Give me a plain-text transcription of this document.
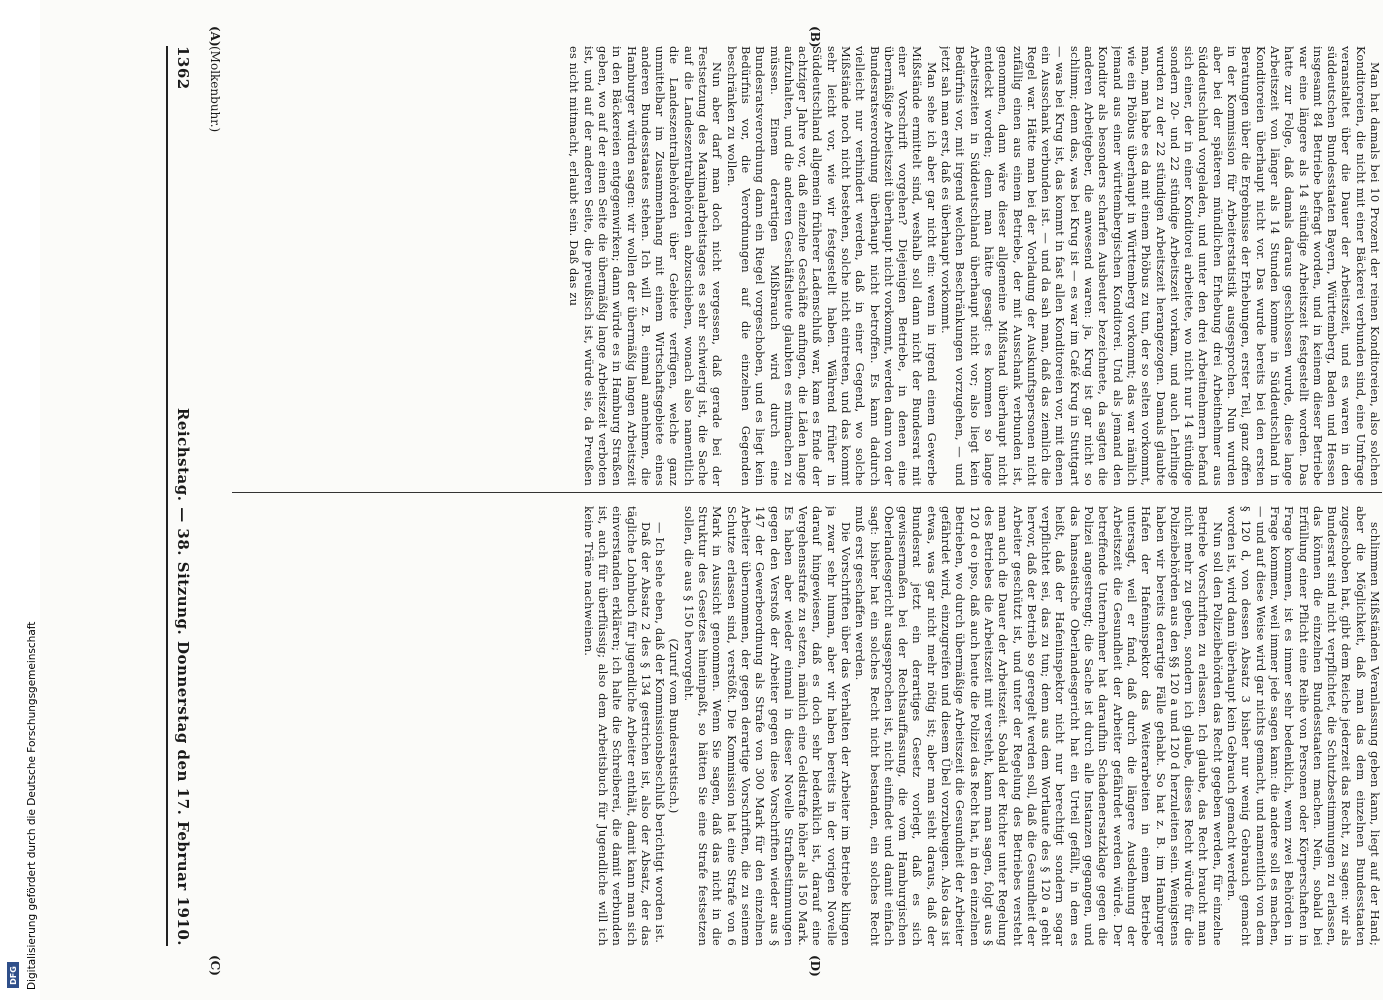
Man hat damals bei 10 Prozent der reinen Konditoreien, also solchen Konditoreien, die nicht mit einer Bäckerei verbunden sind, eine Umfrage veranstaltet über die Dauer der Arbeitszeit, und es waren in den süddeutschen Bundesstaaten Bayern, Württemberg, Baden und Hessen insgesamt 84 Betriebe befragt worden, und in keinem dieser Betriebe war eine längere als 14 stündige Arbeitszeit festgestellt worden. Das hatte zur Folge, daß damals daraus geschlossen wurde, diese lange Arbeitszeit von länger als 14 Stunden komme in Süddeutschland in Konditoreien überhaupt nicht vor. Das wurde bereits bei den ersten Beratungen über die Ergebnisse der Erhebungen, erster Teil, ganz offen in der Kommission für Arbeiterstatistik ausgesprochen. Nun wurden aber bei der späteren mündlichen Erhebung drei Arbeitnehmer aus Süddeutschland vorgeladen, und unter den drei Arbeitnehmern befand sich einer, der in einer Konditorei arbeitete, wo nicht nur 14 stündige sondern 20- und 22 stündige Arbeitszeit vorkam, und auch Lehrlinge wurden zu der 22 stündigen Arbeitszeit herangezogen. Damals glaubte man, man habe es da mit einem Phöbus zu tun, der so selten vorkommt, wie ein Phöbus überhaupt in Württemberg vorkommt; das war nämlich jemand aus einer württembergischen Konditorei. Und als jemand den Konditor als besonders scharfen Ausbeuter bezeichnete, da sagten die anderen Arbeitgeber, die anwesend waren: ja, Krug ist gar nicht so schlimm; denn das, was bei Krug ist — es war im Café Krug in Stuttgart — was bei Krug ist, das kommt in fast allen Konditoreien vor, mit denen ein Ausschank verbunden ist. — und da sah man, daß das ziemlich die Regel war. Hätte man bei der Vorladung der Auskunftspersonen nicht zufällig einen aus einem Betriebe, der mit Ausschank verbunden ist, genommen, dann wäre dieser allgemeine Mißstand überhaupt nicht entdeckt worden; denn man hätte gesagt: es kommen so lange Arbeitszeiten in Süddeutschland überhaupt nicht vor; also liegt kein Bedürfnis vor, mit irgend welchen Beschränkungen vorzugehen, — und jetzt sah man erst, daß es überhaupt vorkommt.

Man sehe ich aber gar nicht ein: wenn in irgend einem Gewerbe Mißstände ermittelt sind, weshalb soll dann nicht der Bundesrat mit einer Vorschrift vorgehen? Diejenigen Betriebe, in denen eine übermäßige Arbeitszeit überhaupt nicht vorkommt, werden dann von der Bundesratsverordnung überhaupt nicht betroffen. Es kann dadurch vielleicht nur verhindert werden, daß in einer Gegend, wo solche Mißstände noch nicht bestehen, solche nicht eintreten, und das kommt sehr leicht vor, wie wir festgestellt haben. Während früher in Süddeutschland allgemein früherer Ladenschluß war, kam es Ende der achtziger Jahre vor, daß einzelne Geschäfte anfingen, die Läden lange aufzuhalten, und die anderen Geschäftsleute glaubten es mitmachen zu müssen. Einem derartigen Mißbrauch wird durch eine Bundesratsverordnung dann ein Riegel vorgeschoben, und es liegt kein Bedürfnis vor, die Verordnungen auf die einzelnen Gegenden beschränken zu wollen.

Nun aber darf man doch nicht vergessen, daß gerade bei der Festsetzung des Maximalarbeitstages es sehr schwierig ist, die Sache auf die Landeszentralbehörden abzuschieben, wonach also namentlich die Landeszentralbehörden über Gebiete verfügen, welche ganz unmittelbar im Zusammenhang mit einem Wirtschaftsgebiete eines anderen Bundesstaates stehen. Ich will z. B. einmal annehmen, die Hamburger würden sagen: wir wollen der übermäßig langen Arbeitszeit in den Bäckereien entgegenwirken; dann würde es in Hamburg Straßen geben, wo auf der einen Seite die übermäßig lange Arbeitszeit verboten ist, und auf der anderen Seite, die preußisch ist, würde sie, da Preußen es nicht mitmacht, erlaubt sein. Daß das zu

schlimmen Mißständen Veranlassung geben kann, liegt auf der Hand; aber die Möglichkeit, daß man das dem einzelnen Bundesstaaten zugeschoben hat, gibt dem Reiche jederzeit das Recht, zu sagen: wir als Bundesrat sind nicht verpflichtet, die Schutzbestimmungen zu erlassen, das können die einzelnen Bundesstaaten machen. Nein, sobald bei Erfüllung einer Pflicht eine Reihe von Personen oder Körperschaften in Frage kommen, ist es immer sehr bedenklich, wenn zwei Behörden in Frage kommen, weil immer jede sagen kann: die andere soll es machen, — und auf diese Weise wird gar nichts gemacht, und namentlich von dem § 120 d, von dessen Absatz 3 bisher nur wenig Gebrauch gemacht worden ist, wird dann überhaupt kein Gebrauch gemacht werden.

Nun soll den Polizeibehörden das Recht gegeben werden, für einzelne Betriebe Vorschriften zu erlassen. Ich glaube, das Recht braucht man nicht mehr zu geben, sondern ich glaube, dieses Recht würde für die Polizeibehörden aus den §§ 120 a und 120 d herzuleiten sein. Wenigstens haben wir bereits derartige Fälle gehabt. So hat z. B. im Hamburger Hafen der Hafeninspektor das Weiterarbeiten in einem Betriebe untersagt, weil er fand, daß durch die längere Ausdehnung der Arbeitszeit die Gesundheit der Arbeiter gefährdet werden würde. Der betreffende Unternehmer hat daraufhin Schadenersatzklage gegen die Polizei angestrengt; die Sache ist durch alle Instanzen gegangen, und das hanseatische Oberlandesgericht hat ein Urteil gefällt, in dem es heißt, daß der Hafeninspektor nicht nur berechtigt sondern sogar verpflichtet sei, das zu tun; denn aus dem Wortlaute des § 120 a geht hervor, daß der Betrieb so geregelt werden soll, daß die Gesundheit der Arbeiter geschützt ist, und unter der Regelung des Betriebes versteht man auch die Dauer der Arbeitszeit. Sobald der Richter unter Regelung des Betriebes die Arbeitszeit mit versteht, kann man sagen, folgt aus § 120 d eo ipso, daß auch heute die Polizei das Recht hat, in den einzelnen Betrieben, wo durch übermäßige Arbeitszeit die Gesundheit der Arbeiter gefährdet wird, einzugreifen und diesem Übel vorzubeugen. Also das ist etwas, was gar nicht mehr nötig ist; aber man sieht daraus, daß der Bundesrat jetzt ein derartiges Gesetz vorlegt, daß es sich gewissermaßen bei der Rechtsauffassung, die vom Hamburgischen Oberlandesgericht ausgesprochen ist, nicht einfindet und damit einfach sagt: bisher hat ein solches Recht nicht bestanden, ein solches Recht muß erst geschaffen werden.

Die Vorschriften über das Verhalten der Arbeiter im Betriebe klingen ja zwar sehr human, aber wir haben bereits in der vorigen Novelle darauf hingewiesen, daß es doch sehr bedenklich ist, darauf eine Vergehensstrafe zu setzen, nämlich eine Geldstrafe höher als 150 Mark. Es haben aber wieder einmal in dieser Novelle Strafbestimmungen gegen den Verstoß der Arbeiter gegen diese Vorschriften wieder aus § 147 der Gewerbeordnung als Strafe von 300 Mark für den einzelnen Arbeiter übernommen, der gegen derartige Vorschriften, die zu seinem Schutze erlassen sind, verstößt. Die Kommission hat eine Strafe von 6 Mark in Aussicht genommen. Wenn Sie sagen, daß das nicht in die Struktur des Gesetzes hineinpaßt, so hätten Sie eine Strafe festsetzen sollen, die aus § 150 hervorgeht.

(Zuruf vom Bundesratstisch.)

— Ich sehe eben, daß der Kommissionsbeschluß berichtigt worden ist.

Daß der Absatz 2 des § 134 gestrichen ist, also der Absatz, der das tägliche Lohnbuch für jugendliche Arbeiter enthält, damit kann man sich einverstanden erklären; ich halte die Schreiberei, die damit verbunden ist, auch für überflüssig; also dem Arbeitsbuch für Jugendliche will ich keine Träne nachweinen.

(Molkenbuhr.)
1362
Reichstag. — 38. Sitzung. Donnerstag den 17. Februar 1910.
(A)	(B)
(C)	(D)
Digitalisierung gefördert durch die Deutsche Forschungsgemeinschaft
DFG
